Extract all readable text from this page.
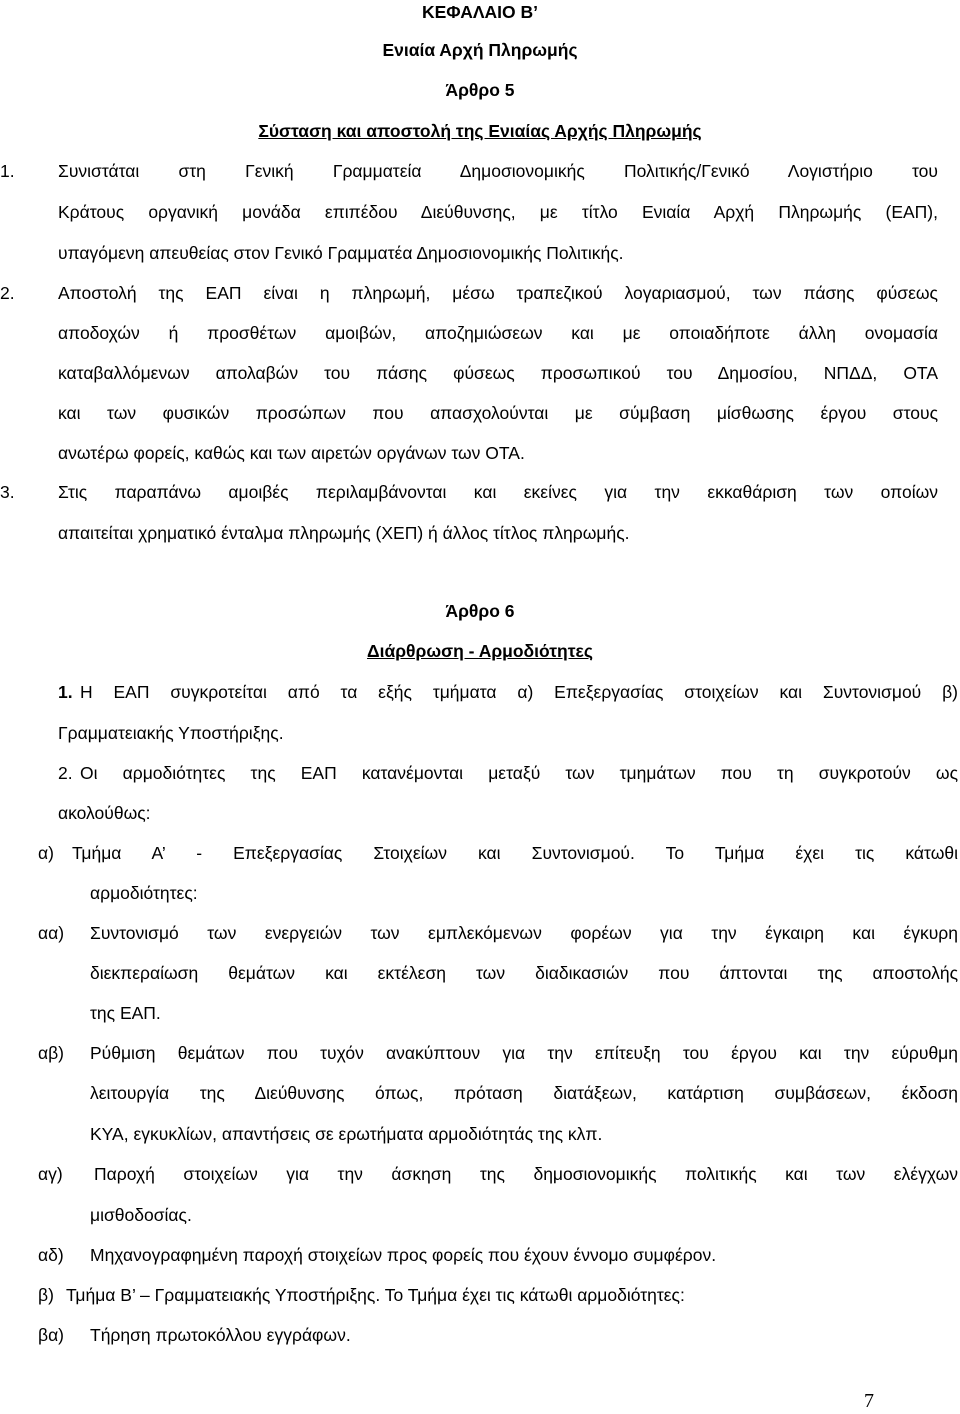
ΚΕΦΑΛΑΙΟ Β’
Ενιαία Αρχή Πληρωμής
Άρθρο 5
Σύσταση και αποστολή της Ενιαίας Αρχής Πληρωμής
1. Συνιστάται στη Γενική Γραμματεία Δημοσιονομικής Πολιτικής/Γενικό Λογιστήριο του
Κράτους οργανική μονάδα επιπέδου Διεύθυνσης, με τίτλο Ενιαία Αρχή Πληρωμής (ΕΑΠ),
υπαγόμενη απευθείας στον Γενικό Γραμματέα Δημοσιονομικής Πολιτικής.
2. Αποστολή της ΕΑΠ είναι η πληρωμή, μέσω τραπεζικού λογαριασμού, των πάσης φύσεως
αποδοχών ή προσθέτων αμοιβών, αποζημιώσεων και με οποιαδήποτε άλλη ονομασία
καταβαλλόμενων απολαβών του πάσης φύσεως προσωπικού του Δημοσίου, ΝΠΔΔ, ΟΤΑ
και των φυσικών προσώπων που απασχολούνται με σύμβαση μίσθωσης έργου στους
ανωτέρω φορείς, καθώς και των αιρετών οργάνων των ΟΤΑ.
3. Στις παραπάνω αμοιβές περιλαμβάνονται και εκείνες για την εκκαθάριση των οποίων
απαιτείται χρηματικό ένταλμα πληρωμής (ΧΕΠ) ή άλλος τίτλος πληρωμής.
Άρθρο 6
Διάρθρωση - Αρμοδιότητες
1. Η ΕΑΠ συγκροτείται από τα εξής τμήματα α) Επεξεργασίας στοιχείων και Συντονισμού β)
Γραμματειακής Υποστήριξης.
2. Οι αρμοδιότητες της ΕΑΠ κατανέμονται μεταξύ των τμημάτων που τη συγκροτούν ως
ακολούθως:
α) Τμήμα Α’ - Επεξεργασίας Στοιχείων και Συντονισμού. Το Τμήμα έχει τις κάτωθι
αρμοδιότητες:
αα) Συντονισμό των ενεργειών των εμπλεκόμενων φορέων για την έγκαιρη και έγκυρη
διεκπεραίωση θεμάτων και εκτέλεση των διαδικασιών που άπτονται της αποστολής
της ΕΑΠ.
αβ) Ρύθμιση θεμάτων που τυχόν ανακύπτουν για την επίτευξη του έργου και την εύρυθμη
λειτουργία της Διεύθυνσης όπως, πρόταση διατάξεων, κατάρτιση συμβάσεων, έκδοση
ΚΥΑ, εγκυκλίων, απαντήσεις σε ερωτήματα αρμοδιότητάς της κλπ.
αγ) Παροχή στοιχείων για την άσκηση της δημοσιονομικής πολιτικής και των ελέγχων
μισθοδοσίας.
αδ) Μηχανογραφημένη παροχή στοιχείων προς φορείς που έχουν έννομο συμφέρον.
β) Τμήμα Β’ – Γραμματειακής Υποστήριξης. Το Τμήμα έχει τις κάτωθι αρμοδιότητες:
βα) Τήρηση πρωτοκόλλου εγγράφων.
7
